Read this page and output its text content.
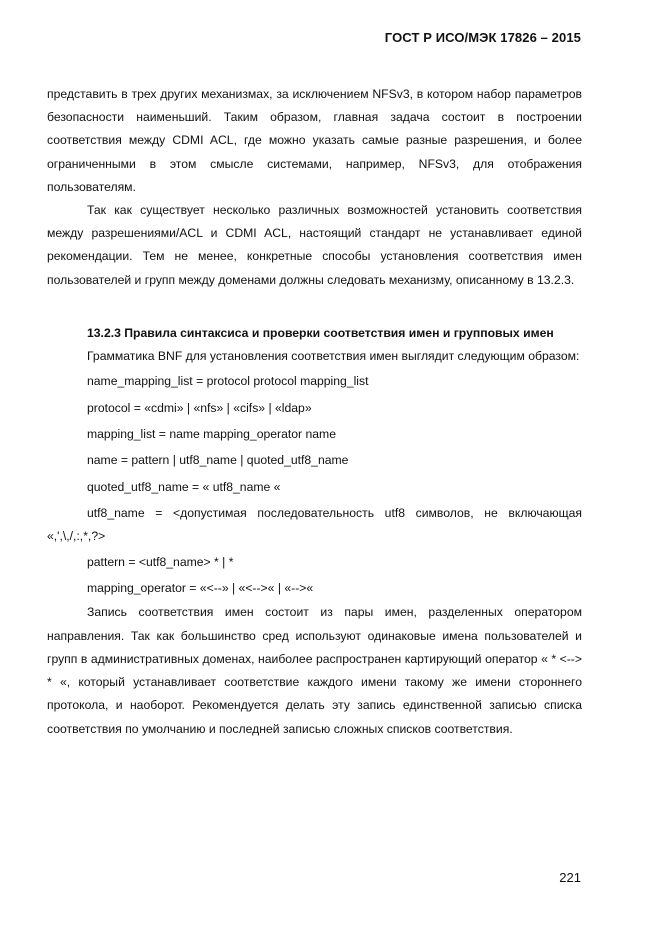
ГОСТ Р ИСО/МЭК 17826 – 2015

представить в трех других механизмах, за исключением NFSv3, в котором набор параметров безопасности наименьший. Таким образом, главная задача состоит в построении соответствия между CDMI ACL, где можно указать самые разные разрешения, и более ограниченными в этом смысле системами, например, NFSv3, для отображения пользователям.

Так как существует несколько различных возможностей установить соответствия между разрешениями/ACL и CDMI ACL, настоящий стандарт не устанавливает единой рекомендации. Тем не менее, конкретные способы установления соответствия имен пользователей и групп между доменами должны следовать механизму, описанному в 13.2.3.

13.2.3 Правила синтаксиса и проверки соответствия имен и групповых имен

Грамматика BNF для установления соответствия имен выглядит следующим образом:

name_mapping_list = protocol protocol mapping_list

protocol = «cdmi» | «nfs» | «cifs» | «ldap»

mapping_list = name mapping_operator name

name = pattern | utf8_name | quoted_utf8_name

quoted_utf8_name = « utf8_name «

utf8_name = <допустимая последовательность utf8 символов, не включающая «,',\,/,:,*,?>

pattern = <utf8_name> * | *

mapping_operator = «<--» | «<-->« | «-->«

Запись соответствия имен состоит из пары имен, разделенных оператором направления. Так как большинство сред используют одинаковые имена пользователей и групп в административных доменах, наиболее распространен картирующий оператор « * <--> * «, который устанавливает соответствие каждого имени такому же имени стороннего протокола, и наоборот. Рекомендуется делать эту запись единственной записью списка соответствия по умолчанию и последней записью сложных списков соответствия.

221
